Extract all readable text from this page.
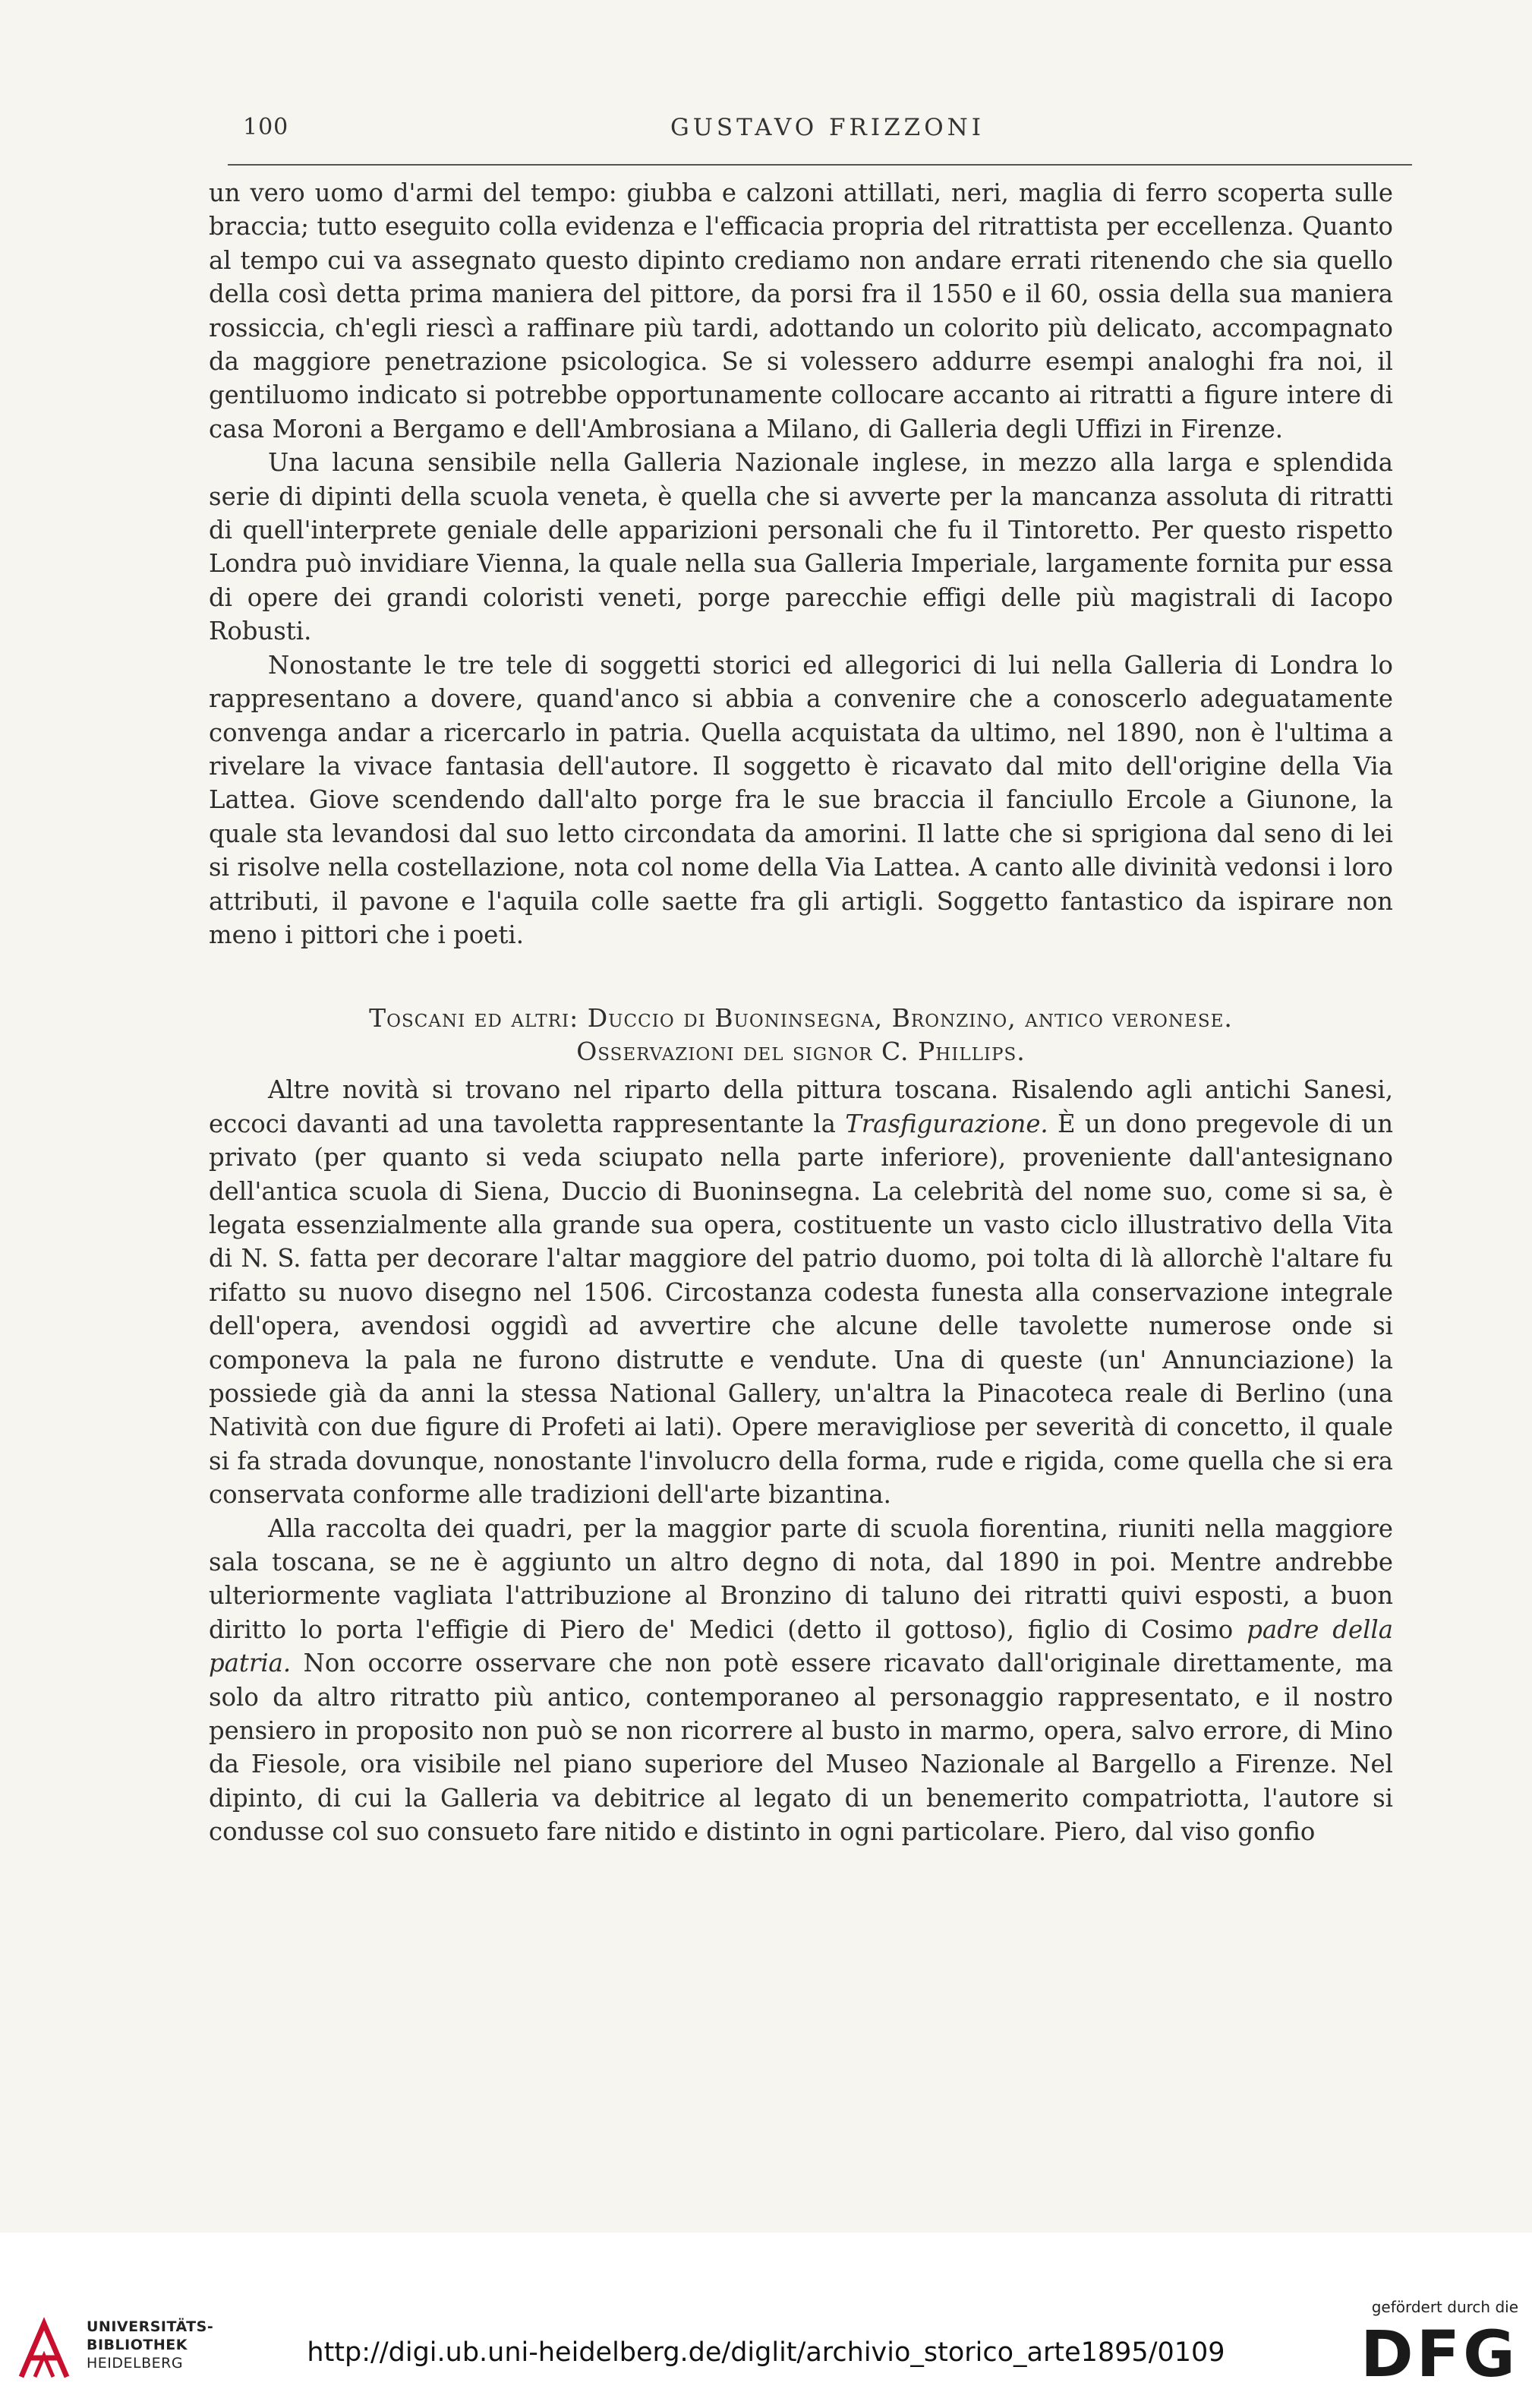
100	GUSTAVO FRIZZONI

un vero uomo d'armi del tempo: giubba e calzoni attillati, neri, maglia di ferro scoperta sulle braccia; tutto eseguito colla evidenza e l'efficacia propria del ritrattista per eccellenza. Quanto al tempo cui va assegnato questo dipinto crediamo non andare errati ritenendo che sia quello della così detta prima maniera del pittore, da porsi fra il 1550 e il 60, ossia della sua maniera rossiccia, ch'egli riescì a raffinare più tardi, adottando un colorito più delicato, accompagnato da maggiore penetrazione psicologica. Se si volessero addurre esempi analoghi fra noi, il gentiluomo indicato si potrebbe opportunamente collocare accanto ai ritratti a figure intere di casa Moroni a Bergamo e dell'Ambrosiana a Milano, di Galleria degli Uffizi in Firenze.

Una lacuna sensibile nella Galleria Nazionale inglese, in mezzo alla larga e splendida serie di dipinti della scuola veneta, è quella che si avverte per la mancanza assoluta di ritratti di quell'interprete geniale delle apparizioni personali che fu il Tintoretto. Per questo rispetto Londra può invidiare Vienna, la quale nella sua Galleria Imperiale, largamente fornita pur essa di opere dei grandi coloristi veneti, porge parecchie effigi delle più magistrali di Iacopo Robusti.

Nonostante le tre tele di soggetti storici ed allegorici di lui nella Galleria di Londra lo rappresentano a dovere, quand'anco si abbia a convenire che a conoscerlo adeguatamente convenga andar a ricercarlo in patria. Quella acquistata da ultimo, nel 1890, non è l'ultima a rivelare la vivace fantasia dell'autore. Il soggetto è ricavato dal mito dell'origine della Via Lattea. Giove scendendo dall'alto porge fra le sue braccia il fanciullo Ercole a Giunone, la quale sta levandosi dal suo letto circondata da amorini. Il latte che si sprigiona dal seno di lei si risolve nella costellazione, nota col nome della Via Lattea. A canto alle divinità vedonsi i loro attributi, il pavone e l'aquila colle saette fra gli artigli. Soggetto fantastico da ispirare non meno i pittori che i poeti.

Toscani ed altri: Duccio di Buoninsegna, Bronzino, antico veronese.
Osservazioni del signor C. Phillips.

Altre novità si trovano nel riparto della pittura toscana. Risalendo agli antichi Sanesi, eccoci davanti ad una tavoletta rappresentante la Trasfigurazione. È un dono pregevole di un privato (per quanto si veda sciupato nella parte inferiore), proveniente dall'antesignano dell'antica scuola di Siena, Duccio di Buoninsegna. La celebrità del nome suo, come si sa, è legata essenzialmente alla grande sua opera, costituente un vasto ciclo illustrativo della Vita di N. S. fatta per decorare l'altar maggiore del patrio duomo, poi tolta di là allorchè l'altare fu rifatto su nuovo disegno nel 1506. Circostanza codesta funesta alla conservazione integrale dell'opera, avendosi oggidì ad avvertire che alcune delle tavolette numerose onde si componeva la pala ne furono distrutte e vendute. Una di queste (un' Annunciazione) la possiede già da anni la stessa National Gallery, un'altra la Pinacoteca reale di Berlino (una Natività con due figure di Profeti ai lati). Opere meravigliose per severità di concetto, il quale si fa strada dovunque, nonostante l'involucro della forma, rude e rigida, come quella che si era conservata conforme alle tradizioni dell'arte bizantina.

Alla raccolta dei quadri, per la maggior parte di scuola fiorentina, riuniti nella maggiore sala toscana, se ne è aggiunto un altro degno di nota, dal 1890 in poi. Mentre andrebbe ulteriormente vagliata l'attribuzione al Bronzino di taluno dei ritratti quivi esposti, a buon diritto lo porta l'effigie di Piero de' Medici (detto il gottoso), figlio di Cosimo padre della patria. Non occorre osservare che non potè essere ricavato dall'originale direttamente, ma solo da altro ritratto più antico, contemporaneo al personaggio rappresentato, e il nostro pensiero in proposito non può se non ricorrere al busto in marmo, opera, salvo errore, di Mino da Fiesole, ora visibile nel piano superiore del Museo Nazionale al Bargello a Firenze. Nel dipinto, di cui la Galleria va debitrice al legato di un benemerito compatriotta, l'autore si condusse col suo consueto fare nitido e distinto in ogni particolare. Piero, dal viso gonfio

UNIVERSITÄTS-
BIBLIOTHEK
HEIDELBERG	http://digi.ub.uni-heidelberg.de/diglit/archivio_storico_arte1895/0109
gefördert durch die
DFG
